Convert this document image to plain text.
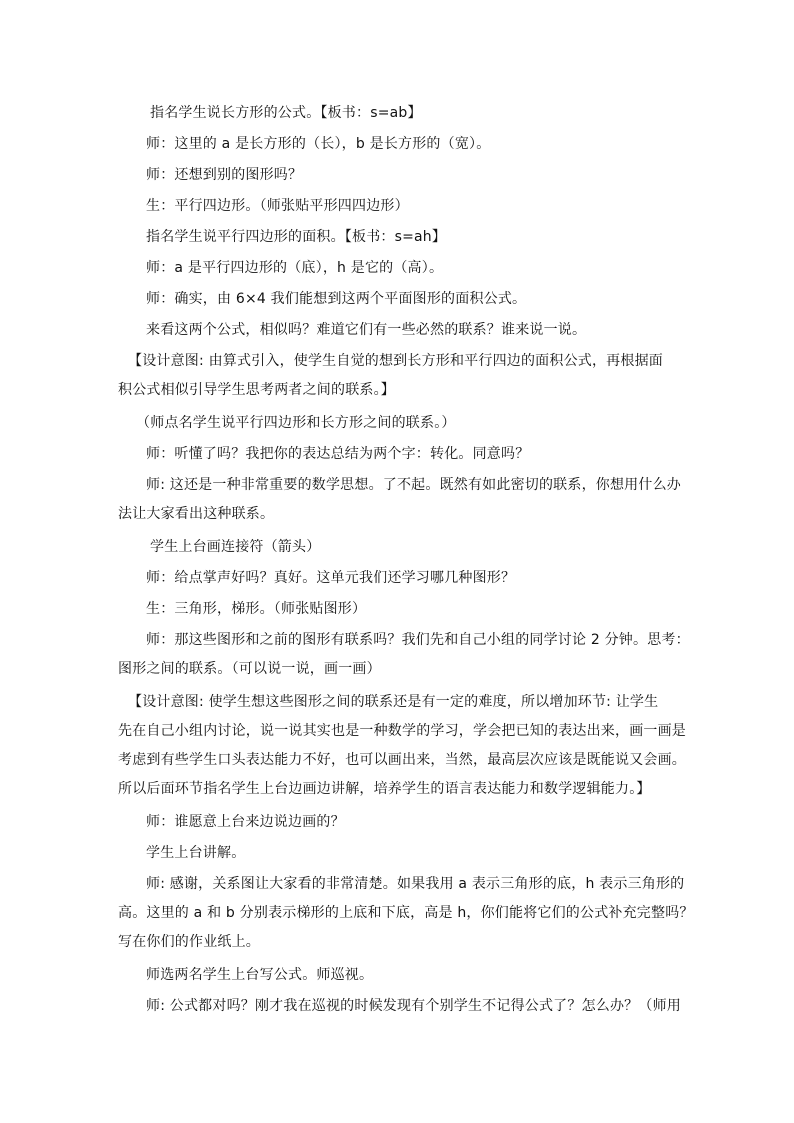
指名学生说长方形的公式。【板书：s=ab】
师：这里的 a 是长方形的（长），b 是长方形的（宽）。
师：还想到别的图形吗？
生：平行四边形。（师张贴平形四四边形）
指名学生说平行四边形的面积。【板书：s=ah】
师：a 是平行四边形的（底），h 是它的（高）。
师：确实，由 6×4 我们能想到这两个平面图形的面积公式。
来看这两个公式，相似吗？难道它们有一些必然的联系？谁来说一说。
【设计意图: 由算式引入，使学生自觉的想到长方形和平行四边的面积公式，再根据面
积公式相似引导学生思考两者之间的联系。】
（师点名学生说平行四边形和长方形之间的联系。）
师：听懂了吗？我把你的表达总结为两个字：转化。同意吗？
师: 这还是一种非常重要的数学思想。了不起。既然有如此密切的联系，你想用什么办
法让大家看出这种联系。
学生上台画连接符（箭头）
师：给点掌声好吗？真好。这单元我们还学习哪几种图形？
生：三角形，梯形。（师张贴图形）
师：那这些图形和之前的图形有联系吗？我们先和自己小组的同学讨论 2 分钟。思考：
图形之间的联系。（可以说一说，画一画）
【设计意图: 使学生想这些图形之间的联系还是有一定的难度，所以增加环节: 让学生
先在自己小组内讨论，说一说其实也是一种数学的学习，学会把已知的表达出来，画一画是
考虑到有些学生口头表达能力不好，也可以画出来，当然，最高层次应该是既能说又会画。
所以后面环节指名学生上台边画边讲解，培养学生的语言表达能力和数学逻辑能力。】
师：谁愿意上台来边说边画的？
学生上台讲解。
师: 感谢，关系图让大家看的非常清楚。如果我用 a 表示三角形的底，h 表示三角形的
高。这里的 a 和 b 分别表示梯形的上底和下底，高是 h，你们能将它们的公式补充完整吗？
写在你们的作业纸上。
师选两名学生上台写公式。师巡视。
师: 公式都对吗？刚才我在巡视的时候发现有个别学生不记得公式了？怎么办？（师用
